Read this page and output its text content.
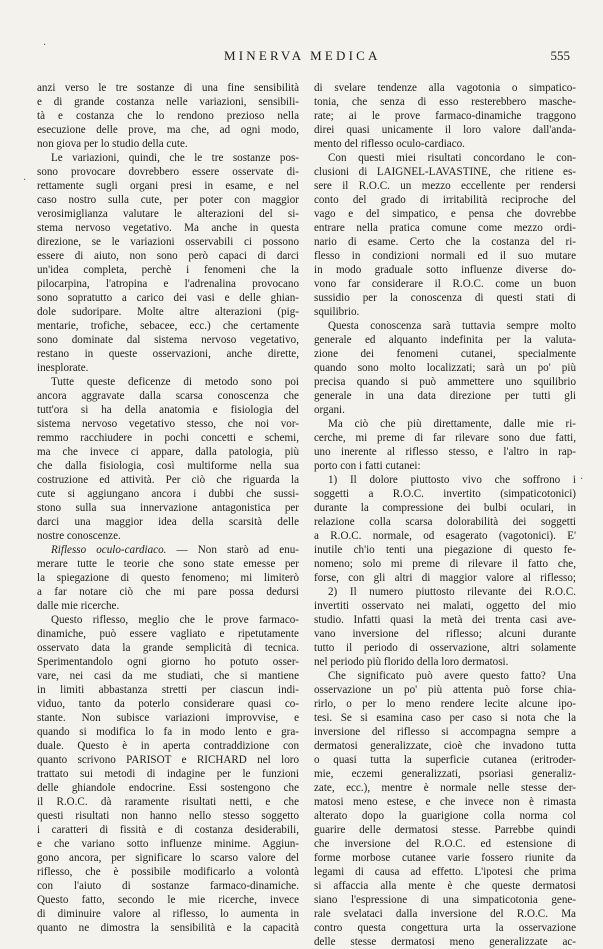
MINERVA MEDICA	555
·
·
·
anzi verso le tre sostanze di una fine sensibilità
e di grande costanza nelle variazioni, sensibili-
tà e costanza che lo rendono prezioso nella
esecuzione delle prove, ma che, ad ogni modo,
non giova per lo studio della cute.
Le variazioni, quindi, che le tre sostanze pos-
sono provocare dovrebbero essere osservate di-
rettamente sugli organi presi in esame, e nel
caso nostro sulla cute, per poter con maggior
verosimiglianza valutare le alterazioni del si-
stema nervoso vegetativo. Ma anche in questa
direzione, se le variazioni osservabili ci possono
essere di aiuto, non sono però capaci di darci
un'idea completa, perchè i fenomeni che la
pilocarpina, l'atropina e l'adrenalina provocano
sono sopratutto a carico dei vasi e delle ghian-
dole sudoripare. Molte altre alterazioni (pig-
mentarie, trofiche, sebacee, ecc.) che certamente
sono dominate dal sistema nervoso vegetativo,
restano in queste osservazioni, anche dirette,
inesplorate.
Tutte queste deficenze di metodo sono poi
ancora aggravate dalla scarsa conoscenza che
tutt'ora si ha della anatomia e fisiologia del
sistema nervoso vegetativo stesso, che noi vor-
remmo racchiudere in pochi concetti e schemi,
ma che invece ci appare, dalla patologia, più
che dalla fisiologia, così multiforme nella sua
costruzione ed attività. Per ciò che riguarda la
cute si aggiungano ancora i dubbi che sussi-
stono sulla sua innervazione antagonistica per
darci una maggior idea della scarsità delle
nostre conoscenze.
Riflesso oculo-cardiaco. — Non starò ad enu-
merare tutte le teorie che sono state emesse per
la spiegazione di questo fenomeno; mi limiterò
a far notare ciò che mi pare possa dedursi
dalle mie ricerche.
Questo riflesso, meglio che le prove farmaco-
dinamiche, può essere vagliato e ripetutamente
osservato data la grande semplicità di tecnica.
Sperimentandolo ogni giorno ho potuto osser-
vare, nei casi da me studiati, che si mantiene
in limiti abbastanza stretti per ciascun indi-
viduo, tanto da poterlo considerare quasi co-
stante. Non subisce variazioni improvvise, e
quando si modifica lo fa in modo lento e gra-
duale. Questo è in aperta contraddizione con
quanto scrivono PARISOT e RICHARD nel loro
trattato sui metodi di indagine per le funzioni
delle ghiandole endocrine. Essi sostengono che
il R.O.C. dà raramente risultati netti, e che
questi risultati non hanno nello stesso soggetto
i caratteri di fissità e di costanza desiderabili,
e che variano sotto influenze minime. Aggiun-
gono ancora, per significare lo scarso valore del
riflesso, che è possibile modificarlo a volontà
con l'aiuto di sostanze farmaco-dinamiche.
Questo fatto, secondo le mie ricerche, invece
di diminuire valore al riflesso, lo aumenta in
quanto ne dimostra la sensibilità e la capacità
di svelare tendenze alla vagotonia o simpatico-
tonia, che senza di esso resterebbero masche-
rate; ai le prove farmaco-dinamiche traggono
direi quasi unicamente il loro valore dall'anda-
mento del riflesso oculo-cardiaco.
Con questi miei risultati concordano le con-
clusioni di LAIGNEL-LAVASTINE, che ritiene es-
sere il R.O.C. un mezzo eccellente per rendersi
conto del grado di irritabilità reciproche del
vago e del simpatico, e pensa che dovrebbe
entrare nella pratica comune come mezzo ordi-
nario di esame. Certo che la costanza del ri-
flesso in condizioni normali ed il suo mutare
in modo graduale sotto influenze diverse do-
vono far considerare il R.O.C. come un buon
sussidio per la conoscenza di questi stati di
squilibrio.
Questa conoscenza sarà tuttavia sempre molto
generale ed alquanto indefinita per la valuta-
zione dei fenomeni cutanei, specialmente
quando sono molto localizzati; sarà un po' più
precisa quando si può ammettere uno squilibrio
generale in una data direzione per tutti gli
organi.
Ma ciò che più direttamente, dalle mie ri-
cerche, mi preme di far rilevare sono due fatti,
uno inerente al riflesso stesso, e l'altro in rap-
porto con i fatti cutanei:
1) Il dolore piuttosto vivo che soffrono i
soggetti a R.O.C. invertito (simpaticotonici)
durante la compressione dei bulbi oculari, in
relazione colla scarsa dolorabilità dei soggetti
a R.O.C. normale, od esagerato (vagotonici). E'
inutile ch'io tenti una piegazione di questo fe-
nomeno; solo mi preme di rilevare il fatto che,
forse, con gli altri di maggior valore al riflesso;
2) Il numero piuttosto rilevante dei R.O.C.
invertiti osservato nei malati, oggetto del mio
studio. Infatti quasi la metà dei trenta casi ave-
vano inversione del riflesso; alcuni durante
tutto il periodo di osservazione, altri solamente
nel periodo più florido della loro dermatosi.
Che significato può avere questo fatto? Una
osservazione un po' più attenta può forse chia-
rirlo, o per lo meno rendere lecite alcune ipo-
tesi. Se si esamina caso per caso si nota che la
inversione del riflesso si accompagna sempre a
dermatosi generalizzate, cioè che invadono tutta
o quasi tutta la superficie cutanea (eritroder-
mie, eczemi generalizzati, psoriasi generaliz-
zate, ecc.), mentre è normale nelle stesse der-
matosi meno estese, e che invece non è rimasta
alterato dopo la guarigione colla norma col
guarire delle dermatosi stesse. Parrebbe quindi
che inversione del R.O.C. ed estensione di
forme morbose cutanee varie fossero riunite da
legami di causa ad effetto. L'ipotesi che prima
si affaccia alla mente è che queste dermatosi
siano l'espressione di una simpaticotonia gene-
rale svelataci dalla inversione del R.O.C. Ma
contro questa congettura urta la osservazione
delle stesse dermatosi meno generalizzate ac-
